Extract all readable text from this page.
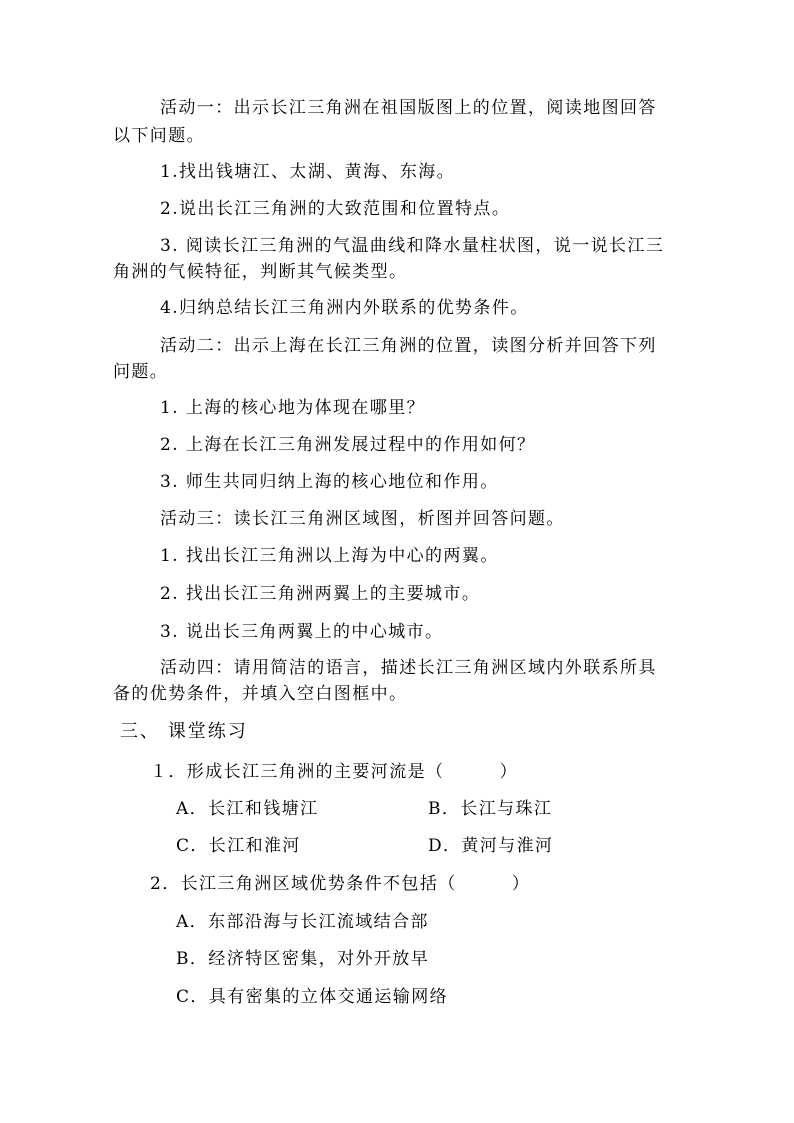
活动一：出示长江三角洲在祖国版图上的位置，阅读地图回答
以下问题。
1.找出钱塘江、太湖、黄海、东海。
2.说出长江三角洲的大致范围和位置特点。
3. 阅读长江三角洲的气温曲线和降水量柱状图，说一说长江三
角洲的气候特征，判断其气候类型。
4.归纳总结长江三角洲内外联系的优势条件。
活动二：出示上海在长江三角洲的位置，读图分析并回答下列
问题。
1. 上海的核心地为体现在哪里？
2. 上海在长江三角洲发展过程中的作用如何？
3. 师生共同归纳上海的核心地位和作用。
活动三：读长江三角洲区域图，析图并回答问题。
1. 找出长江三角洲以上海为中心的两翼。
2. 找出长江三角洲两翼上的主要城市。
3. 说出长三角两翼上的中心城市。
活动四：请用简洁的语言，描述长江三角洲区域内外联系所具
备的优势条件，并填入空白图框中。
三、 课堂练习
１．形成长江三角洲的主要河流是（　　　）
A．长江和钱塘江	B．长江与珠江
C．长江和淮河	D．黄河与淮河
2．长江三角洲区域优势条件不包括（　　　）
A．东部沿海与长江流域结合部
B．经济特区密集，对外开放早
C．具有密集的立体交通运输网络
